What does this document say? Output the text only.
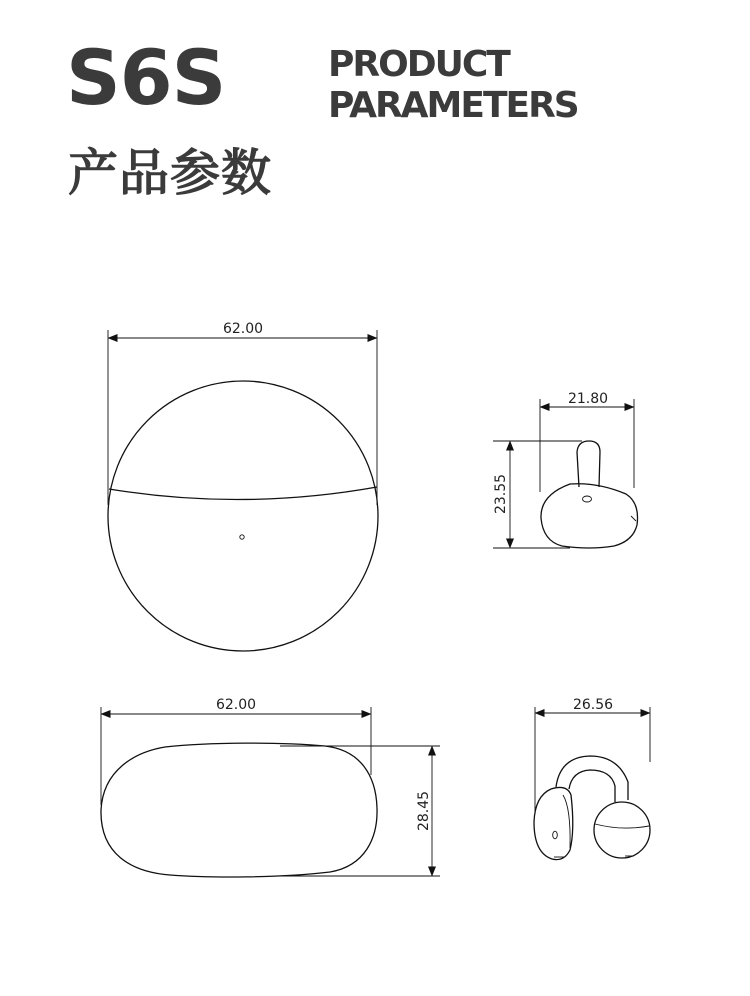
S6S	PRODUCT
PARAMETERS
产品参数
62.00
21.80
23.55
62.00
28.45
26.56
